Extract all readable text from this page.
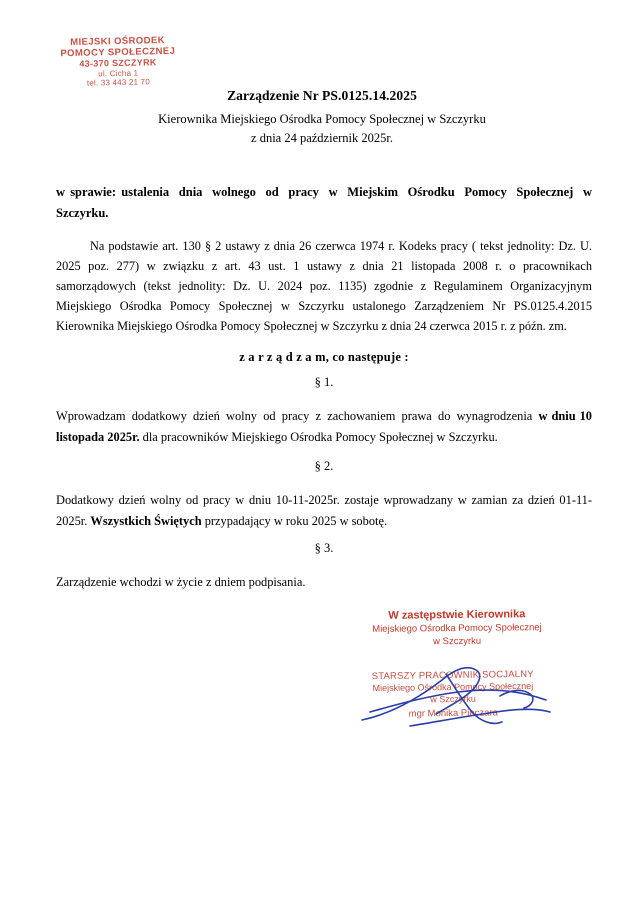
MIEJSKI OŚRODEK
POMOCY SPOŁECZNEJ
43-370 SZCZYRK
ul. Cicha 1
tel. 33 443 21 70
Zarządzenie Nr PS.0125.14.2025
Kierownika Miejskiego Ośrodka Pomocy Społecznej w Szczyrku
z dnia 24 październik 2025r.
w sprawie: ustalenia dnia wolnego od pracy w Miejskim Ośrodku Pomocy Społecznej w Szczyrku.
Na podstawie art. 130 § 2 ustawy z dnia 26 czerwca 1974 r. Kodeks pracy ( tekst jednolity: Dz. U. 2025 poz. 277) w związku z art. 43 ust. 1 ustawy z dnia 21 listopada 2008 r. o pracownikach samorządowych (tekst jednolity: Dz. U. 2024 poz. 1135) zgodnie z Regulaminem Organizacyjnym Miejskiego Ośrodka Pomocy Społecznej w Szczyrku ustalonego Zarządzeniem Nr PS.0125.4.2015 Kierownika Miejskiego Ośrodka Pomocy Społecznej w Szczyrku z dnia 24 czerwca 2015 r. z późn. zm.
z a r z ą d z a m, co następuje :
§ 1.
Wprowadzam dodatkowy dzień wolny od pracy z zachowaniem prawa do wynagrodzenia w dniu 10 listopada 2025r. dla pracowników Miejskiego Ośrodka Pomocy Społecznej w Szczyrku.
§ 2.
Dodatkowy dzień wolny od pracy w dniu 10-11-2025r. zostaje wprowadzany w zamian za dzień 01-11-2025r. Wszystkich Świętych przypadający w roku 2025 w sobotę.
§ 3.
Zarządzenie wchodzi w życie z dniem podpisania.
W zastępstwie Kierownika
Miejskiego Ośrodka Pomocy Społecznej
w Szczyrku
STARSZY PRACOWNIK SOCJALNY
Miejskiego Ośrodka Pomocy Społecznej
w Szczyrku
mgr Monika Pieczara
